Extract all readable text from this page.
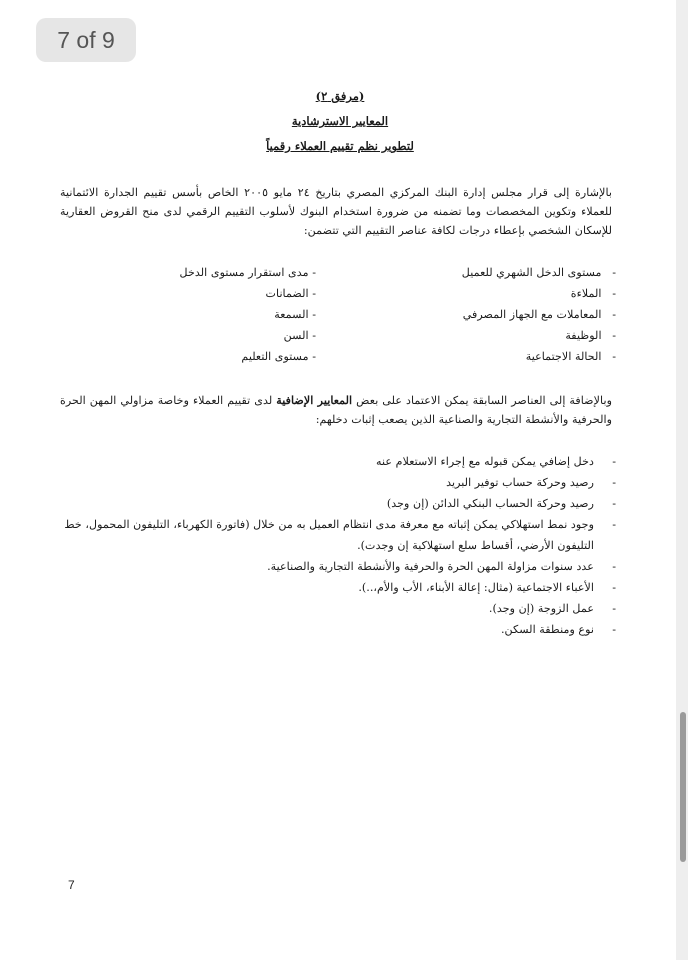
7 of 9
(مرفق ٢)
المعايير الاسترشادية
لتطوير نظم تقييم العملاء رقمياً

بالإشارة إلى قرار مجلس إدارة البنك المركزي المصري بتاريخ ٢٤ مايو ٢٠٠٥ الخاص بأسس تقييم الجدارة الائتمانية للعملاء وتكوين المخصصات وما تضمنه من ضرورة استخدام البنوك لأسلوب التقييم الرقمي لدى منح القروض العقارية للإسكان الشخصي بإعطاء درجات لكافة عناصر التقييم التي تتضمن:

- مستوى الدخل الشهري للعميل
- الملاءة
- المعاملات مع الجهاز المصرفي
- الوظيفة
- الحالة الاجتماعية
- مدى استقرار مستوى الدخل
- الضمانات
- السمعة
- السن
- مستوى التعليم

وبالإضافة إلى العناصر السابقة يمكن الاعتماد على بعض المعايير الإضافية لدى تقييم العملاء وخاصة مزاولي المهن الحرة والحرفية والأنشطة التجارية والصناعية الذين يصعب إثبات دخلهم:

- دخل إضافي يمكن قبوله مع إجراء الاستعلام عنه
- رصيد وحركة حساب توفير البريد
- رصيد وحركة الحساب البنكي الدائن (إن وجد)
- وجود نمط استهلاكي يمكن إثباته مع معرفة مدى انتظام العميل به من خلال (فاتورة الكهرباء، التليفون المحمول، خط التليفون الأرضي، أقساط سلع استهلاكية إن وجدت).
- عدد سنوات مزاولة المهن الحرة والحرفية والأنشطة التجارية والصناعية.
- الأعباء الاجتماعية (مثال: إعالة الأبناء، الأب والأم،..).
- عمل الزوجة (إن وجد).
- نوع ومنطقة السكن.
7
